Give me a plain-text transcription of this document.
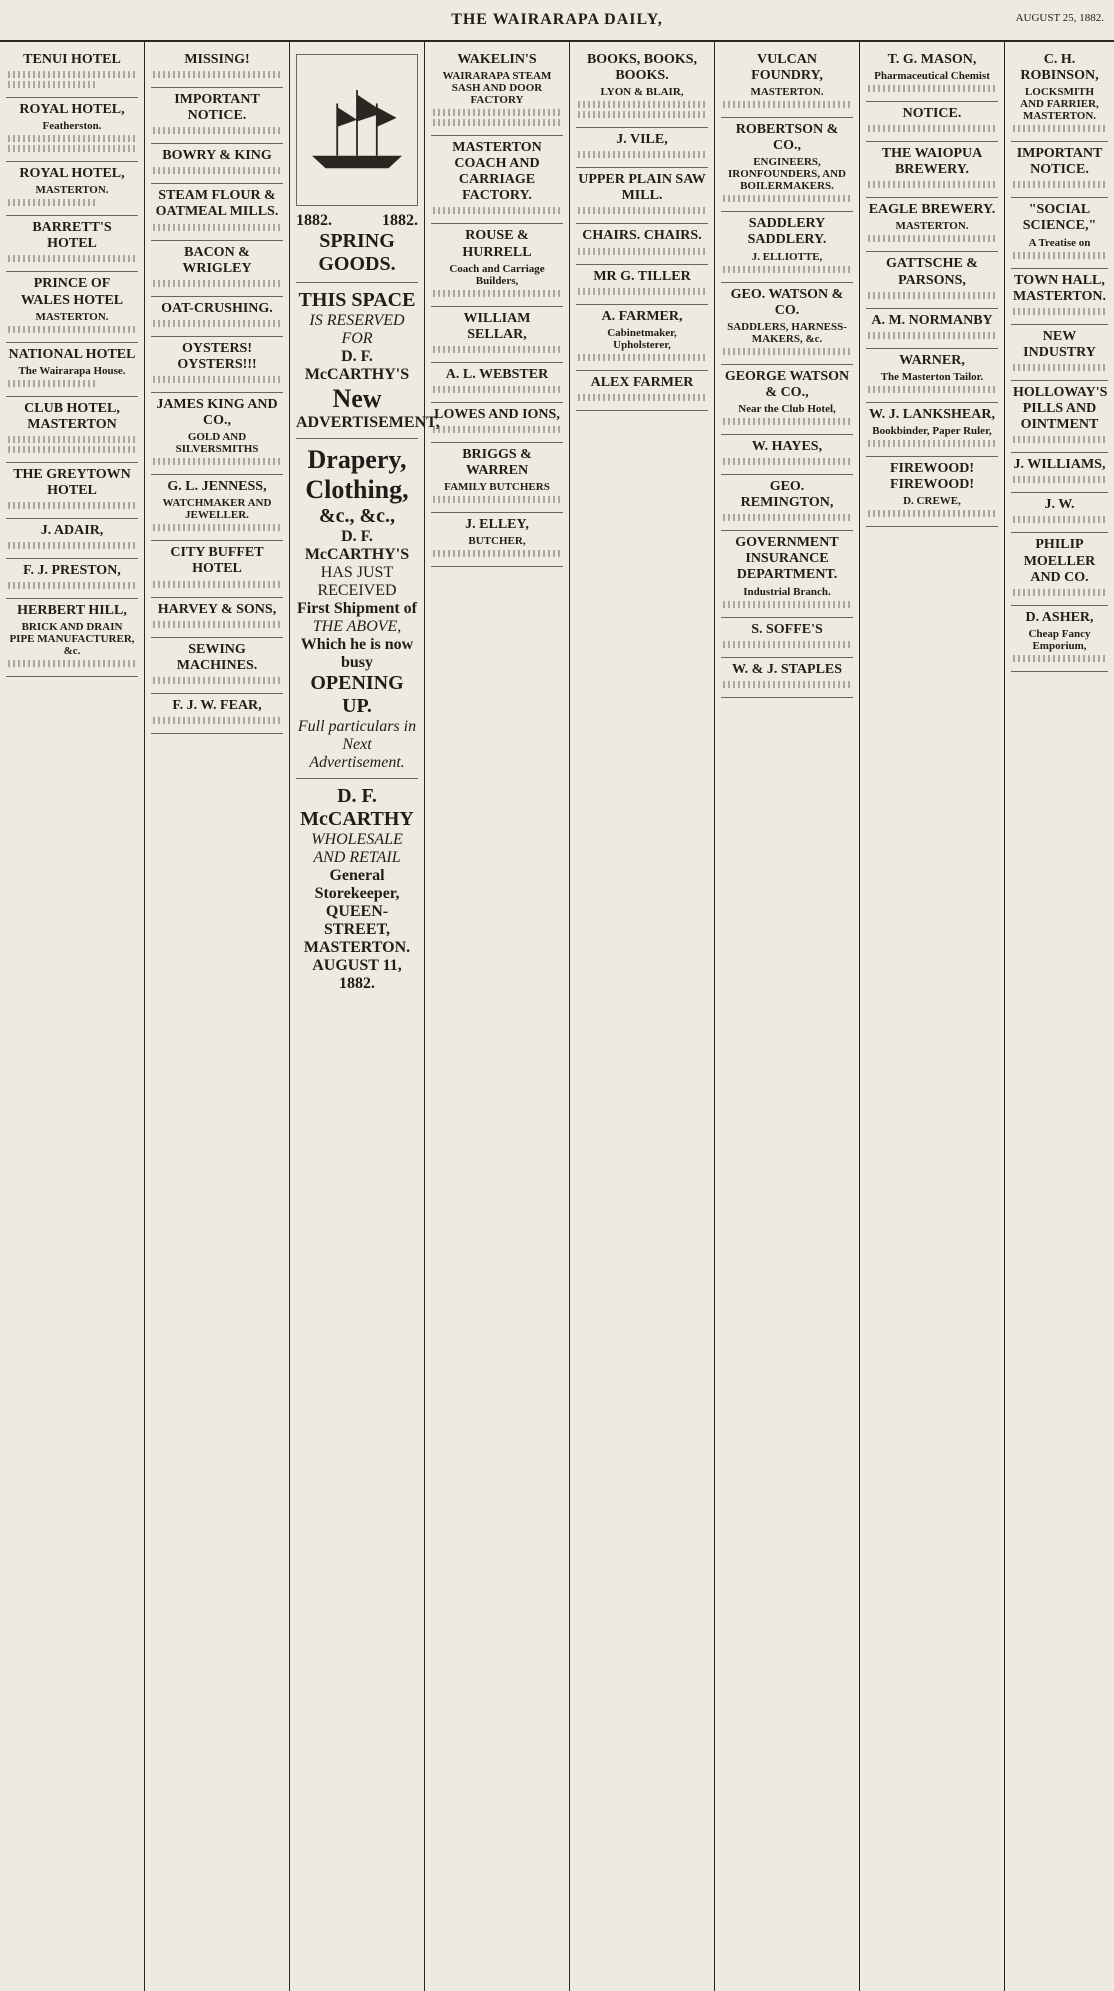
THE WAIRARAPA DAILY,	AUGUST 25, 1882.
TENUI HOTEL
ROYAL HOTEL,
Featherston.
ROYAL HOTEL,
MASTERTON.
BARRETT'S HOTEL
PRINCE OF WALES HOTEL
MASTERTON.
NATIONAL HOTEL
The Wairarapa House.
CLUB HOTEL, MASTERTON
THE GREYTOWN HOTEL
J. ADAIR,
F. J. PRESTON,
HERBERT HILL,
BRICK AND DRAIN PIPE MANUFACTURER, &c.
MISSING!
IMPORTANT NOTICE.
BOWRY & KING
STEAM FLOUR & OATMEAL MILLS.
BACON & WRIGLEY
OAT-CRUSHING.
OYSTERS! OYSTERS!!!
JAMES KING AND CO.,
GOLD AND SILVERSMITHS
G. L. JENNESS,
WATCHMAKER AND JEWELLER.
CITY BUFFET HOTEL
HARVEY & SONS,
SEWING MACHINES.
F. J. W. FEAR,
1882.	1882.
SPRING GOODS.
THIS SPACE
IS RESERVED FOR
D. F. McCARTHY'S
New
ADVERTISEMENT,
Drapery,
Clothing,
&c., &c.,
D. F. McCARTHY'S
HAS JUST RECEIVED
First Shipment of
THE ABOVE,
Which he is now busy
OPENING UP.
Full particulars in Next Advertisement.
D. F. McCARTHY
WHOLESALE AND RETAIL
General Storekeeper,
QUEEN-STREET, MASTERTON.
AUGUST 11, 1882.
WAKELIN'S
WAIRARAPA STEAM SASH AND DOOR FACTORY
MASTERTON COACH AND CARRIAGE FACTORY.
ROUSE & HURRELL
Coach and Carriage Builders,
WILLIAM SELLAR,
A. L. WEBSTER
LOWES AND IONS,
BRIGGS & WARREN
FAMILY BUTCHERS
J. ELLEY,
BUTCHER,
BOOKS, BOOKS, BOOKS.
LYON & BLAIR,
J. VILE,
UPPER PLAIN SAW MILL.
CHAIRS. CHAIRS.
MR G. TILLER
A. FARMER,
Cabinetmaker, Upholsterer,
ALEX FARMER
VULCAN FOUNDRY,
MASTERTON.
ROBERTSON & CO.,
ENGINEERS, IRONFOUNDERS, AND BOILERMAKERS.
SADDLERY SADDLERY.
J. ELLIOTTE,
GEO. WATSON & CO.
SADDLERS, HARNESS-MAKERS, &c.
GEORGE WATSON & CO.,
Near the Club Hotel,
W. HAYES,
GEO. REMINGTON,
GOVERNMENT INSURANCE DEPARTMENT.
Industrial Branch.
S. SOFFE'S
W. & J. STAPLES
T. G. MASON,
Pharmaceutical Chemist
NOTICE.
THE WAIOPUA BREWERY.
EAGLE BREWERY.
MASTERTON.
GATTSCHE & PARSONS,
A. M. NORMANBY
WARNER,
The Masterton Tailor.
W. J. LANKSHEAR,
Bookbinder, Paper Ruler,
FIREWOOD! FIREWOOD!
D. CREWE,
C. H. ROBINSON,
LOCKSMITH AND FARRIER, MASTERTON.
IMPORTANT NOTICE.
"SOCIAL SCIENCE,"
A Treatise on
TOWN HALL, MASTERTON.
NEW INDUSTRY
HOLLOWAY'S PILLS AND OINTMENT
J. WILLIAMS,
J. W.
PHILIP MOELLER AND CO.
D. ASHER,
Cheap Fancy Emporium,
